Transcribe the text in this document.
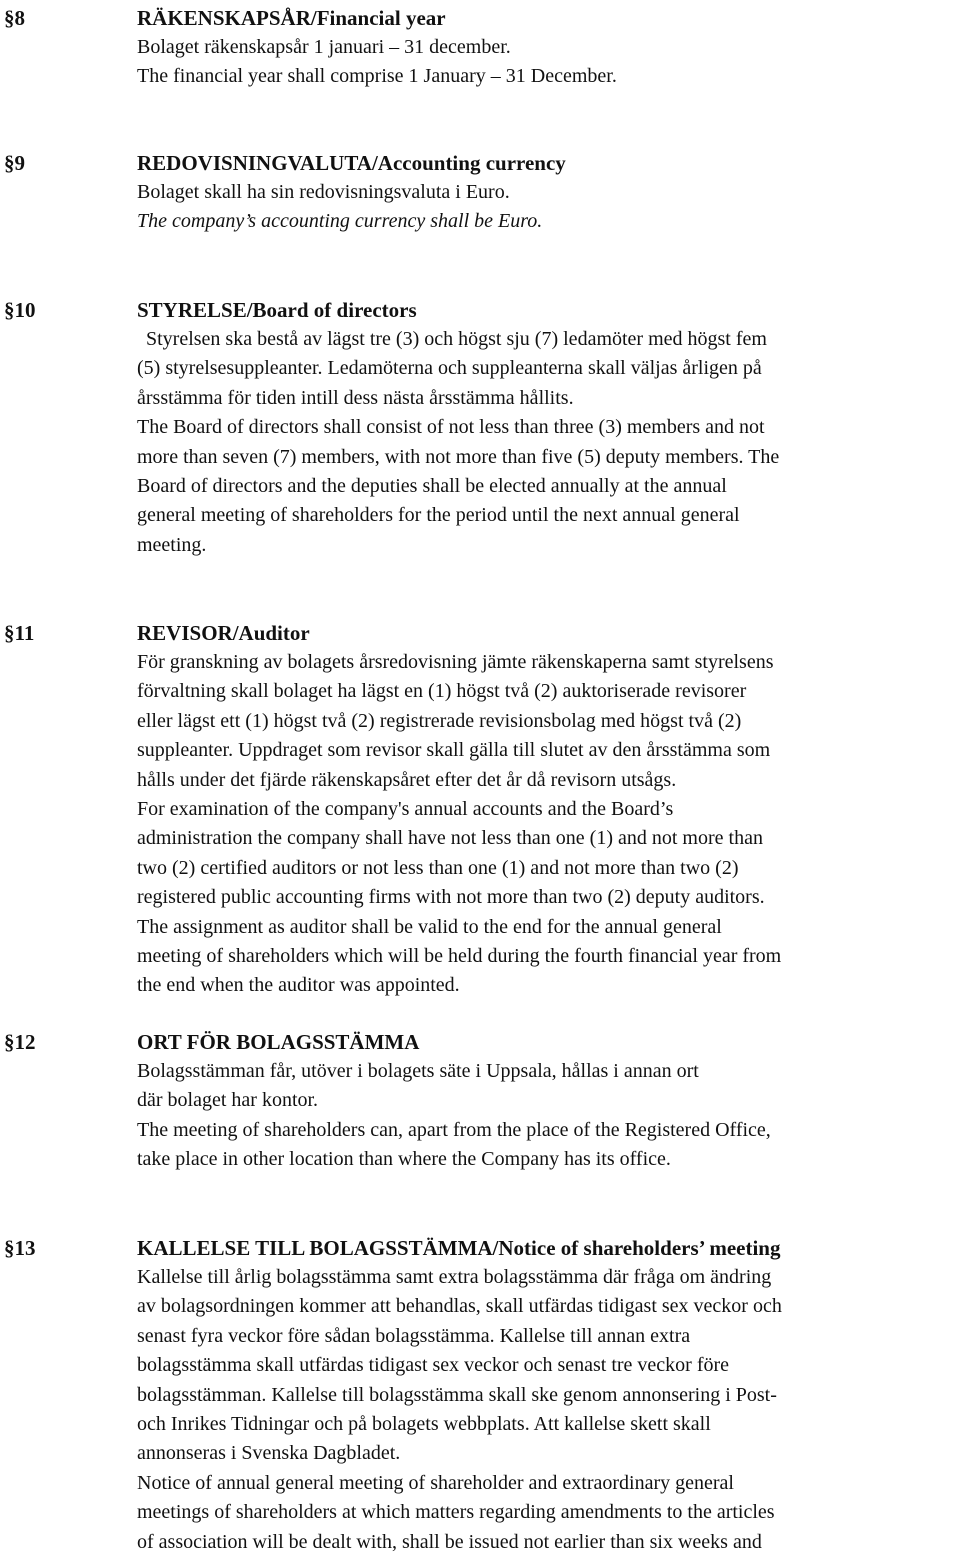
§8	RÄKENSKAPSÅR/Financial year

Bolaget räkenskapsår 1 januari – 31 december.

The financial year shall comprise 1 January – 31 December.

§9	REDOVISNINGVALUTA/Accounting currency

Bolaget skall ha sin redovisningsvaluta i Euro.

The company’s accounting currency shall be Euro.

§10	STYRELSE/Board of directors

Styrelsen ska bestå av lägst tre (3) och högst sju (7) ledamöter med högst fem
(5) styrelsesuppleanter. Ledamöterna och suppleanterna skall väljas årligen på
årsstämma för tiden intill dess nästa årsstämma hållits.

The Board of directors shall consist of not less than three (3) members and not
more than seven (7) members, with not more than five (5) deputy members. The
Board of directors and the deputies shall be elected annually at the annual
general meeting of shareholders for the period until the next annual general
meeting.

§11	REVISOR/Auditor

För granskning av bolagets årsredovisning jämte räkenskaperna samt styrelsens
förvaltning skall bolaget ha lägst en (1) högst två (2) auktoriserade revisorer
eller lägst ett (1) högst två (2) registrerade revisionsbolag med högst två (2)
suppleanter. Uppdraget som revisor skall gälla till slutet av den årsstämma som
hålls under det fjärde räkenskapsåret efter det år då revisorn utsågs.

For examination of the company's annual accounts and the Board’s
administration the company shall have not less than one (1) and not more than
two (2) certified auditors or not less than one (1) and not more than two (2)
registered public accounting firms with not more than two (2) deputy auditors.
The assignment as auditor shall be valid to the end for the annual general
meeting of shareholders which will be held during the fourth financial year from
the end when the auditor was appointed.

§12	ORT FÖR BOLAGSSTÄMMA

Bolagsstämman får, utöver i bolagets säte i Uppsala, hållas i annan ort
där bolaget har kontor.

The meeting of shareholders can, apart from the place of the Registered Office,
take place in other location than where the Company has its office.

§13	KALLELSE TILL BOLAGSSTÄMMA/Notice of shareholders’ meeting

Kallelse till årlig bolagsstämma samt extra bolagsstämma där fråga om ändring
av bolagsordningen kommer att behandlas, skall utfärdas tidigast sex veckor och
senast fyra veckor före sådan bolagsstämma. Kallelse till annan extra
bolagsstämma skall utfärdas tidigast sex veckor och senast tre veckor före
bolagsstämman. Kallelse till bolagsstämma skall ske genom annonsering i Post-
och Inrikes Tidningar och på bolagets webbplats. Att kallelse skett skall
annonseras i Svenska Dagbladet.

Notice of annual general meeting of shareholder and extraordinary general
meetings of shareholders at which matters regarding amendments to the articles
of association will be dealt with, shall be issued not earlier than six weeks and
